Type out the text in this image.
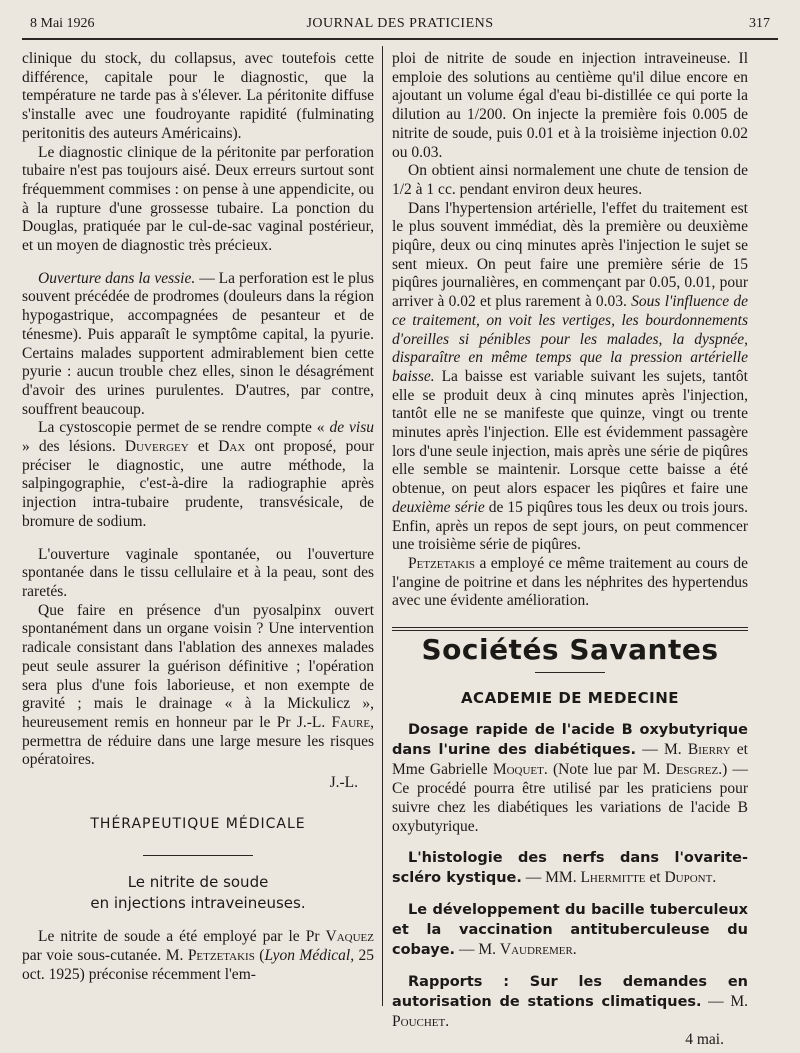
8 Mai 1926	JOURNAL DES PRATICIENS	317

clinique du stock, du collapsus, avec toutefois cette différence, capitale pour le diagnostic, que la température ne tarde pas à s'élever. La péritonite diffuse s'installe avec une foudroyante rapidité (fulminating peritonitis des auteurs Américains).

Le diagnostic clinique de la péritonite par perforation tubaire n'est pas toujours aisé. Deux erreurs surtout sont fréquemment commises : on pense à une appendicite, ou à la rupture d'une grossesse tubaire. La ponction du Douglas, pratiquée par le cul-de-sac vaginal postérieur, et un moyen de diagnostic très précieux.

Ouverture dans la vessie. — La perforation est le plus souvent précédée de prodromes (douleurs dans la région hypogastrique, accompagnées de pesanteur et de ténesme). Puis apparaît le symptôme capital, la pyurie. Certains malades supportent admirablement bien cette pyurie : aucun trouble chez elles, sinon le désagrément d'avoir des urines purulentes. D'autres, par contre, souffrent beaucoup.

La cystoscopie permet de se rendre compte « de visu » des lésions. Duvergey et Dax ont proposé, pour préciser le diagnostic, une autre méthode, la salpingographie, c'est-à-dire la radiographie après injection intra-tubaire prudente, transvésicale, de bromure de sodium.

L'ouverture vaginale spontanée, ou l'ouverture spontanée dans le tissu cellulaire et à la peau, sont des raretés.

Que faire en présence d'un pyosalpinx ouvert spontanément dans un organe voisin ? Une intervention radicale consistant dans l'ablation des annexes malades peut seule assurer la guérison définitive ; l'opération sera plus d'une fois laborieuse, et non exempte de gravité ; mais le drainage « à la Mickulicz », heureusement remis en honneur par le Pr J.-L. Faure, permettra de réduire dans une large mesure les risques opératoires.

J.-L.

THÉRAPEUTIQUE MÉDICALE
Le nitrite de soude
en injections intraveineuses.

Le nitrite de soude a été employé par le Pr Vaquez par voie sous-cutanée. M. Petzetakis (Lyon Médical, 25 oct. 1925) préconise récemment l'em-

ploi de nitrite de soude en injection intraveineuse. Il emploie des solutions au centième qu'il dilue encore en ajoutant un volume égal d'eau bi-distillée ce qui porte la dilution au 1/200. On injecte la première fois 0.005 de nitrite de soude, puis 0.01 et à la troisième injection 0.02 ou 0.03.

On obtient ainsi normalement une chute de tension de 1/2 à 1 cc. pendant environ deux heures.

Dans l'hypertension artérielle, l'effet du traitement est le plus souvent immédiat, dès la première ou deuxième piqûre, deux ou cinq minutes après l'injection le sujet se sent mieux. On peut faire une première série de 15 piqûres journalières, en commençant par 0.05, 0.01, pour arriver à 0.02 et plus rarement à 0.03. Sous l'influence de ce traitement, on voit les vertiges, les bourdonnements d'oreilles si pénibles pour les malades, la dyspnée, disparaître en même temps que la pression artérielle baisse. La baisse est variable suivant les sujets, tantôt elle se produit deux à cinq minutes après l'injection, tantôt elle ne se manifeste que quinze, vingt ou trente minutes après l'injection. Elle est évidemment passagère lors d'une seule injection, mais après une série de piqûres elle semble se maintenir. Lorsque cette baisse a été obtenue, on peut alors espacer les piqûres et faire une deuxième série de 15 piqûres tous les deux ou trois jours. Enfin, après un repos de sept jours, on peut commencer une troisième série de piqûres.

Petzetakis a employé ce même traitement au cours de l'angine de poitrine et dans les néphrites des hypertendus avec une évidente amélioration.

Sociétés Savantes
ACADEMIE DE MEDECINE

Dosage rapide de l'acide B oxybutyrique dans l'urine des diabétiques. — M. Bierry et Mme Gabrielle Moquet. (Note lue par M. Desgrez.) — Ce procédé pourra être utilisé par les praticiens pour suivre chez les diabétiques les variations de l'acide B oxybutyrique.

L'histologie des nerfs dans l'ovarite-scléro kystique. — MM. Lhermitte et Dupont.

Le développement du bacille tuberculeux et la vaccination antituberculeuse du cobaye. — M. Vaudremer.

Rapports : Sur les demandes en autorisation de stations climatiques. — M. Pouchet.

4 mai.
